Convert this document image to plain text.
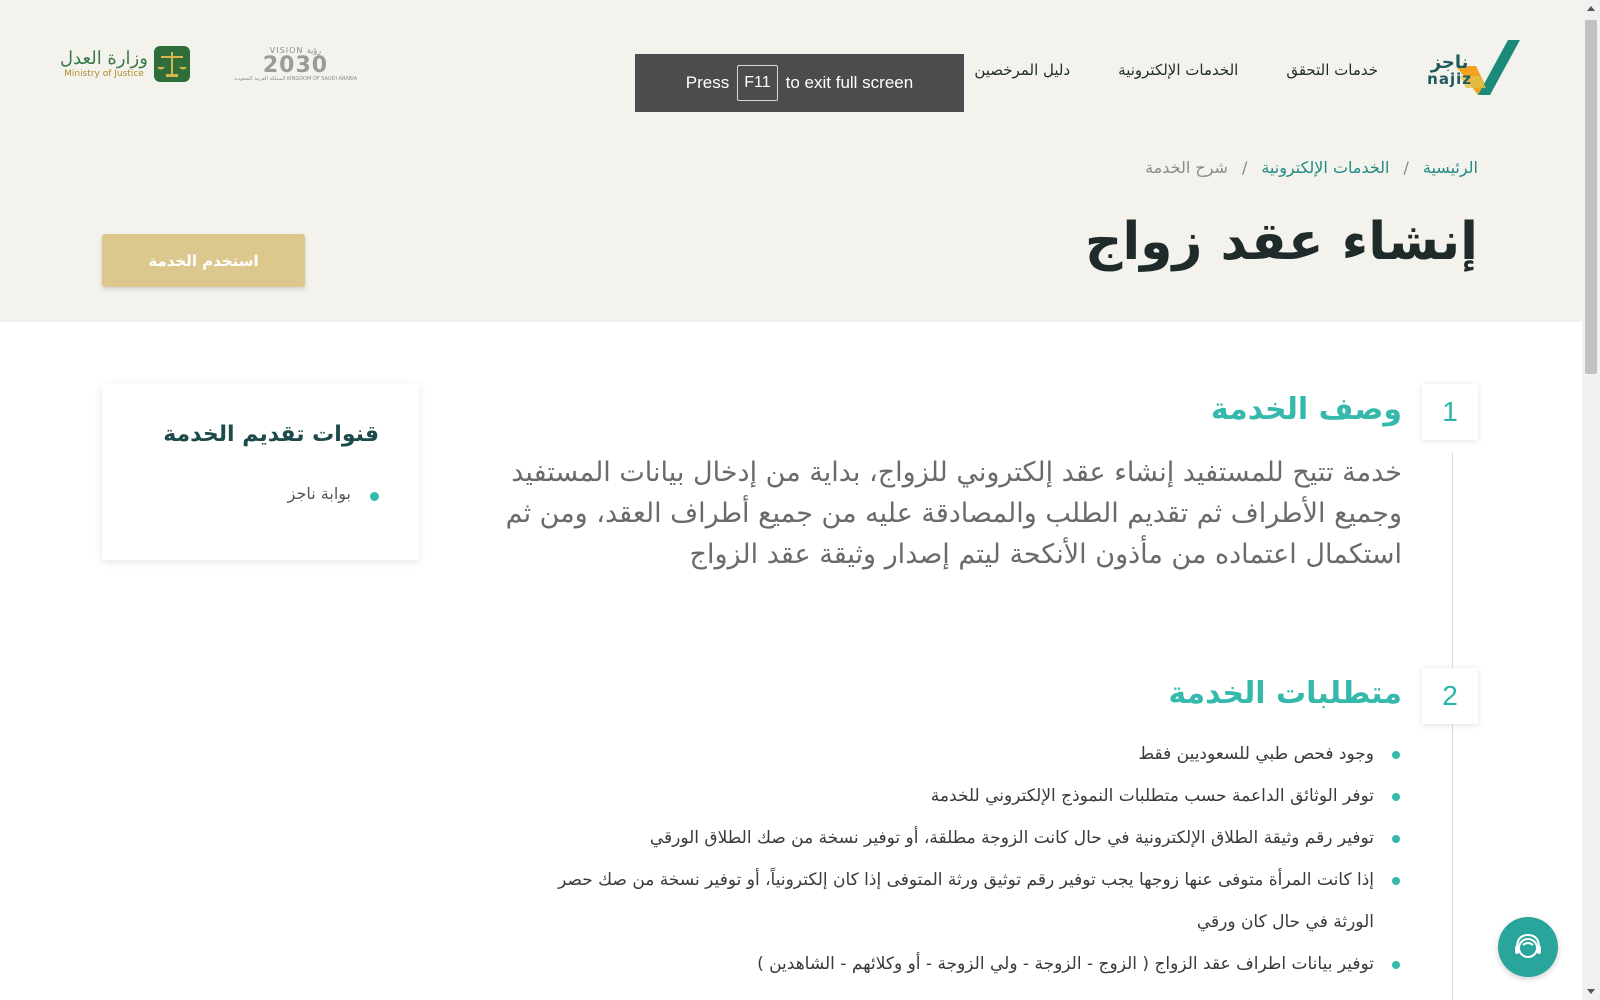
ناجز
najiz
خدمات التحقق
الخدمات الإلكترونية
دليل المرخصين
وزارة العدل
Ministry of Justice
VISION رؤية
2030
المملكة العربية السعودية KINGDOM OF SAUDI ARABIA	Press F11 to exit full screen
الرئيسية
/
الخدمات الإلكترونية
/
شرح الخدمة
إنشاء عقد زواج
استخدم الخدمة
1
وصف الخدمة

خدمة تتيح للمستفيد إنشاء عقد إلكتروني للزواج، بداية من إدخال بيانات المستفيد وجميع الأطراف ثم تقديم الطلب والمصادقة عليه من جميع أطراف العقد، ومن ثم استكمال اعتماده من مأذون الأنكحة ليتم إصدار وثيقة عقد الزواج

2
متطلبات الخدمة
وجود فحص طبي للسعوديين فقط
توفر الوثائق الداعمة حسب متطلبات النموذج الإلكتروني للخدمة
توفير رقم وثيقة الطلاق الإلكترونية في حال كانت الزوجة مطلقة، أو توفير نسخة من صك الطلاق الورقي
إذا كانت المرأة متوفى عنها زوجها يجب توفير رقم توثيق ورثة المتوفى إذا كان إلكترونياً، أو توفير نسخة من صك حصر الورثة في حال كان ورقي
توفير بيانات اطراف عقد الزواج ( الزوج - الزوجة - ولي الزوجة - أو وكلائهم - الشاهدين )
قنوات تقديم الخدمة
بوابة ناجز
